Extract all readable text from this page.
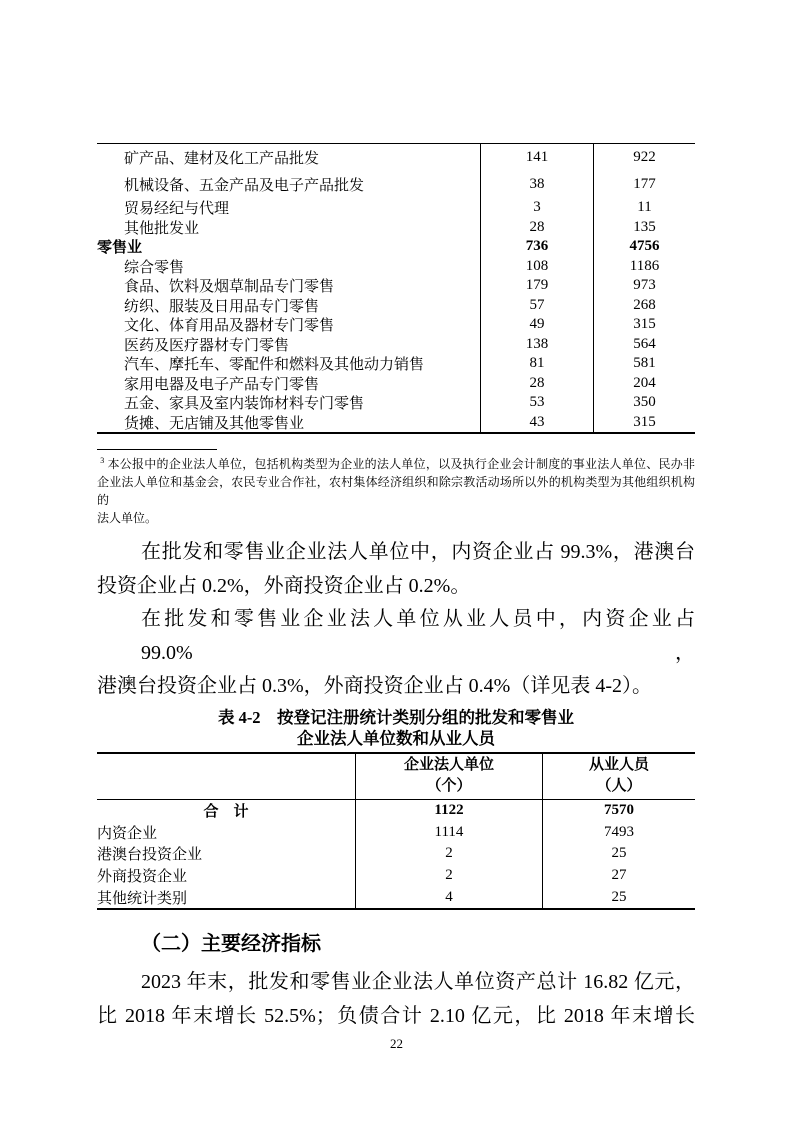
矿产品、建材及化工产品批发	141	922
机械设备、五金产品及电子产品批发	38	177
贸易经纪与代理	3	11
其他批发业	28	135
零售业	736	4756
综合零售	108	1186
食品、饮料及烟草制品专门零售	179	973
纺织、服装及日用品专门零售	57	268
文化、体育用品及器材专门零售	49	315
医药及医疗器材专门零售	138	564
汽车、摩托车、零配件和燃料及其他动力销售	81	581
家用电器及电子产品专门零售	28	204
五金、家具及室内装饰材料专门零售	53	350
货摊、无店铺及其他零售业	43	315
$^3$ 本公报中的企业法人单位，包括机构类型为企业的法人单位，以及执行企业会计制度的事业法人单位、民办非
企业法人单位和基金会，农民专业合作社，农村集体经济组织和除宗教活动场所以外的机构类型为其他组织机构的
法人单位。
在批发和零售业企业法人单位中，内资企业占 99.3%，港澳台
投资企业占 0.2%，外商投资企业占 0.2%。
在批发和零售业企业法人单位从业人员中，内资企业占 99.0%，
港澳台投资企业占 0.3%，外商投资企业占 0.4%（详见表 4-2）。
表 4-2　按登记注册统计类别分组的批发和零售业
企业法人单位数和从业人员
企业法人单位
（个）
从业人员
（人）
合　计	1122	7570
内资企业	1114	7493
港澳台投资企业	2	25
外商投资企业	2	27
其他统计类别	4	25
（二）主要经济指标
2023 年末，批发和零售业企业法人单位资产总计 16.82 亿元，
比 2018 年末增长 52.5%；负债合计 2.10 亿元，比 2018 年末增长
22
